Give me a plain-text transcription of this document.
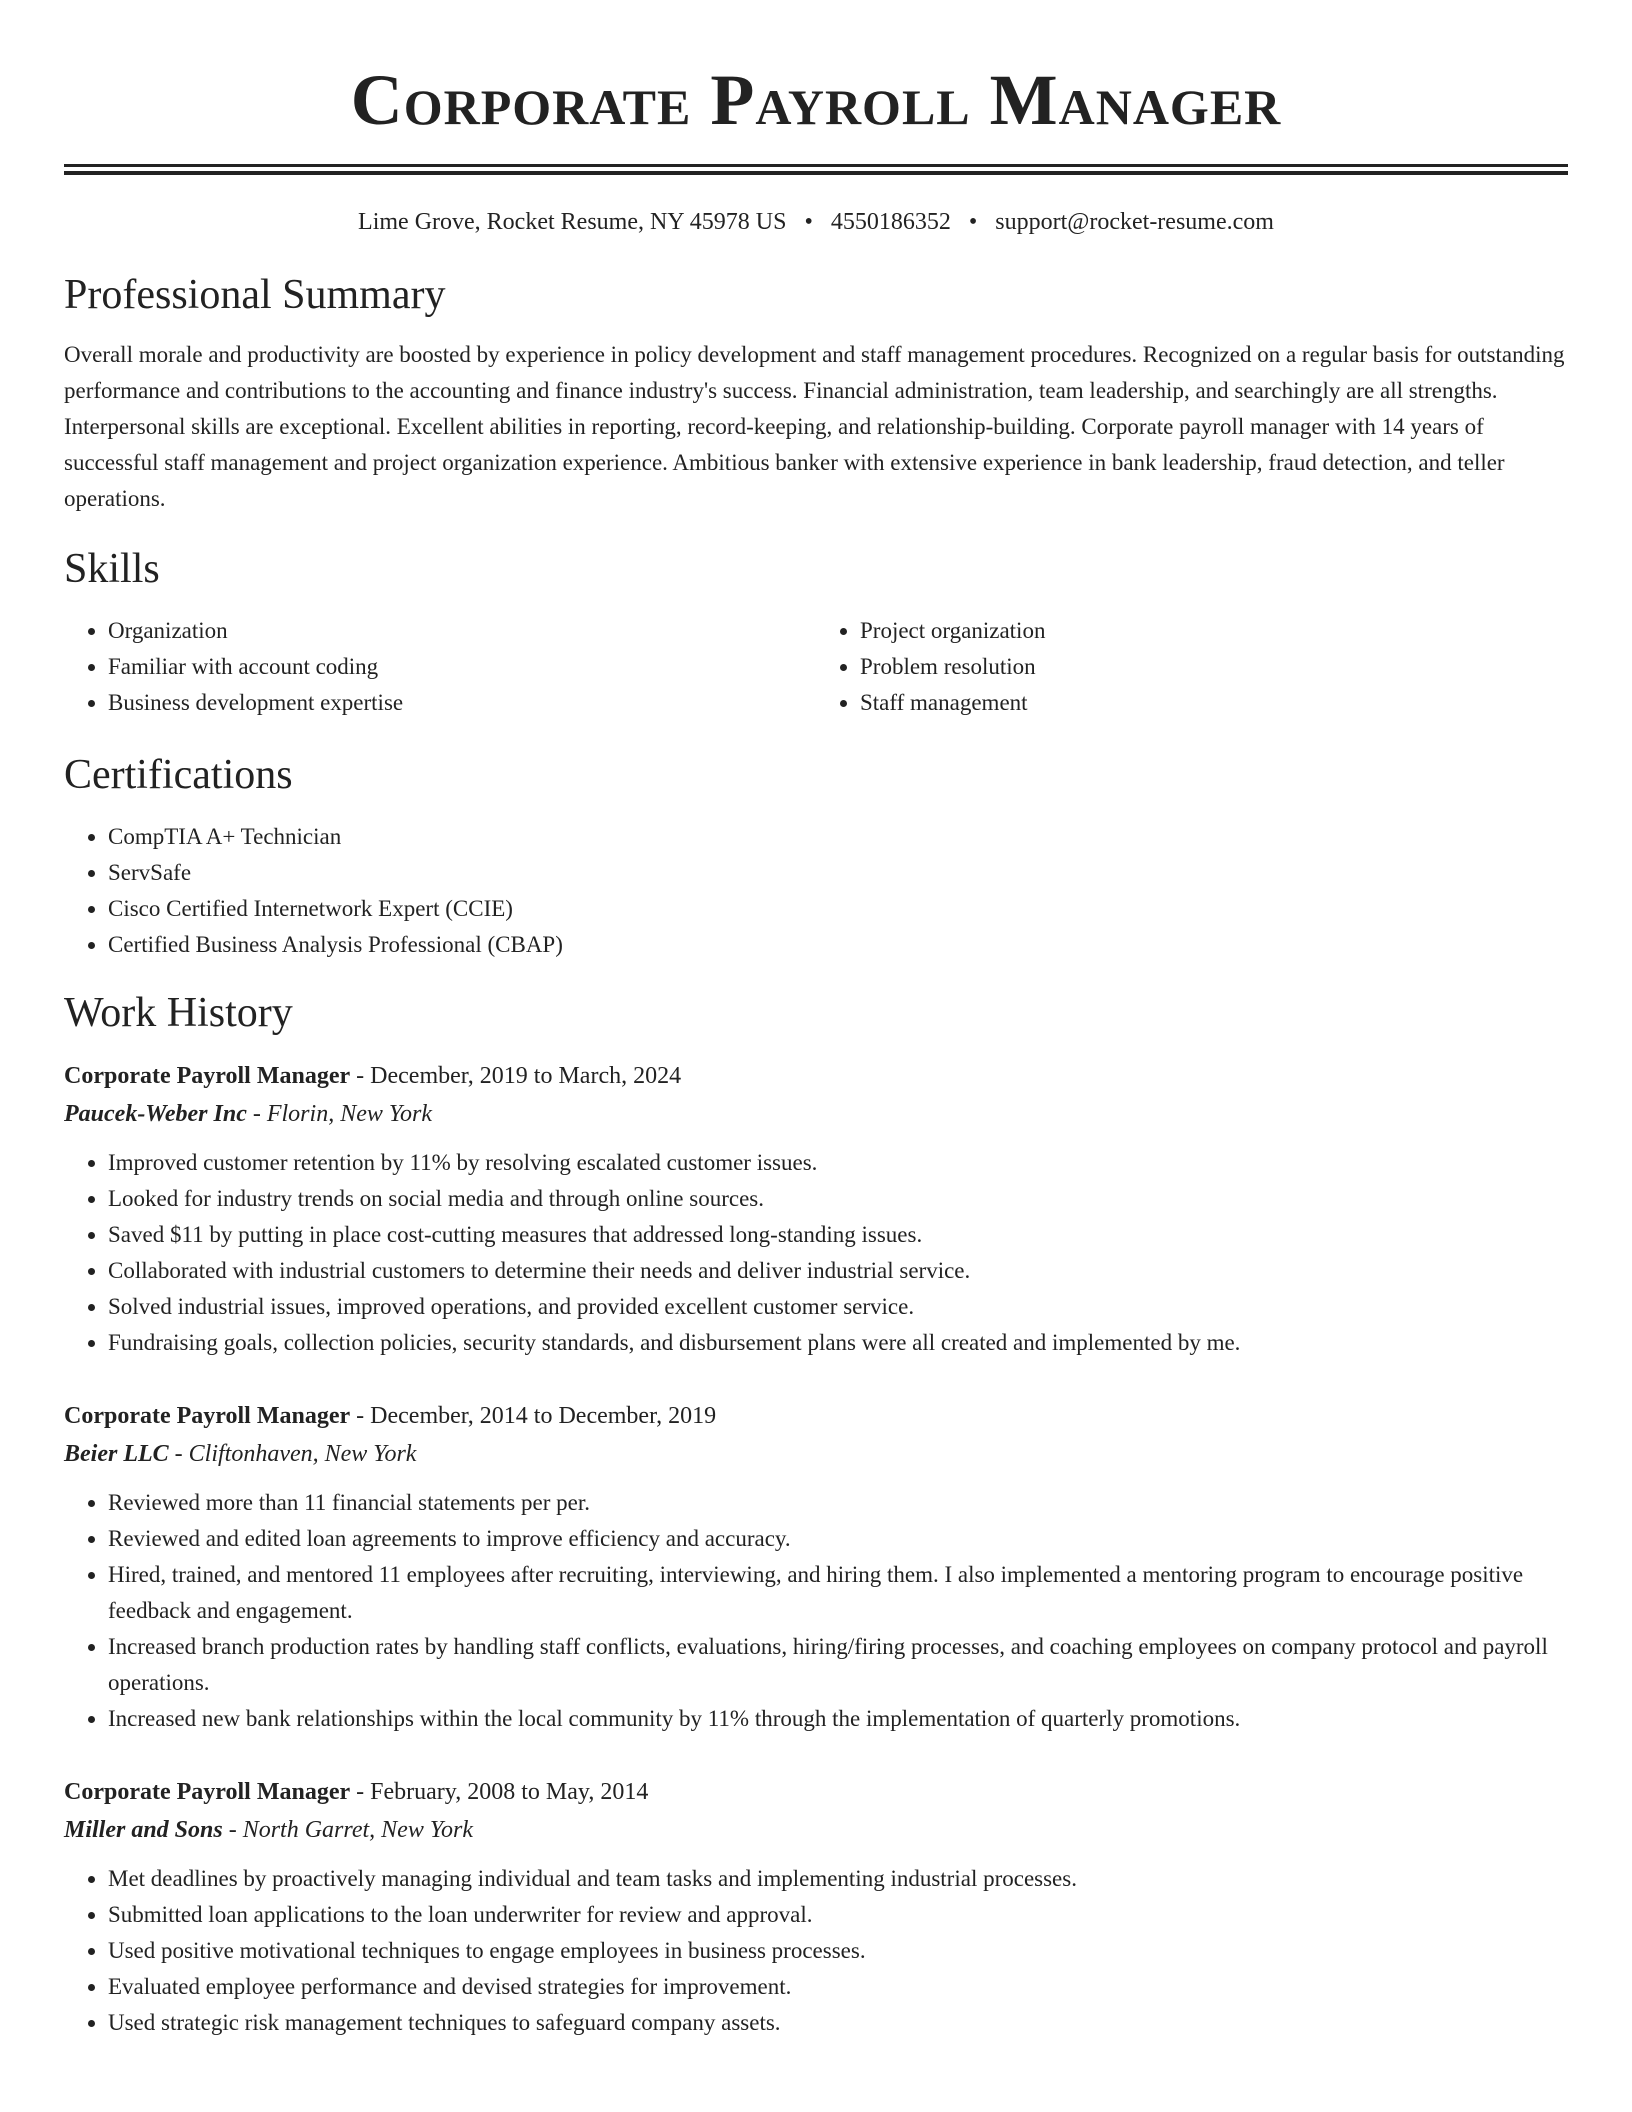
Corporate Payroll Manager
Lime Grove, Rocket Resume, NY 45978 US • 4550186352 • support@rocket-resume.com
Professional Summary

Overall morale and productivity are boosted by experience in policy development and staff management procedures. Recognized on a regular basis for outstanding performance and contributions to the accounting and finance industry's success. Financial administration, team leadership, and searchingly are all strengths. Interpersonal skills are exceptional. Excellent abilities in reporting, record-keeping, and relationship-building. Corporate payroll manager with 14 years of successful staff management and project organization experience. Ambitious banker with extensive experience in bank leadership, fraud detection, and teller operations.

Skills
• Organization
• Familiar with account coding
• Business development expertise
• Project organization
• Problem resolution
• Staff management
Certifications
• CompTIA A+ Technician
• ServSafe
• Cisco Certified Internetwork Expert (CCIE)
• Certified Business Analysis Professional (CBAP)
Work History
Corporate Payroll Manager - December, 2019 to March, 2024
Paucek-Weber Inc - Florin, New York
• Improved customer retention by 11% by resolving escalated customer issues.
• Looked for industry trends on social media and through online sources.
• Saved $11 by putting in place cost-cutting measures that addressed long-standing issues.
• Collaborated with industrial customers to determine their needs and deliver industrial service.
• Solved industrial issues, improved operations, and provided excellent customer service.
• Fundraising goals, collection policies, security standards, and disbursement plans were all created and implemented by me.
Corporate Payroll Manager - December, 2014 to December, 2019
Beier LLC - Cliftonhaven, New York
• Reviewed more than 11 financial statements per per.
• Reviewed and edited loan agreements to improve efficiency and accuracy.
• Hired, trained, and mentored 11 employees after recruiting, interviewing, and hiring them. I also implemented a mentoring program to encourage positive feedback and engagement.
• Increased branch production rates by handling staff conflicts, evaluations, hiring/firing processes, and coaching employees on company protocol and payroll operations.
• Increased new bank relationships within the local community by 11% through the implementation of quarterly promotions.
Corporate Payroll Manager - February, 2008 to May, 2014
Miller and Sons - North Garret, New York
• Met deadlines by proactively managing individual and team tasks and implementing industrial processes.
• Submitted loan applications to the loan underwriter for review and approval.
• Used positive motivational techniques to engage employees in business processes.
• Evaluated employee performance and devised strategies for improvement.
• Used strategic risk management techniques to safeguard company assets.
